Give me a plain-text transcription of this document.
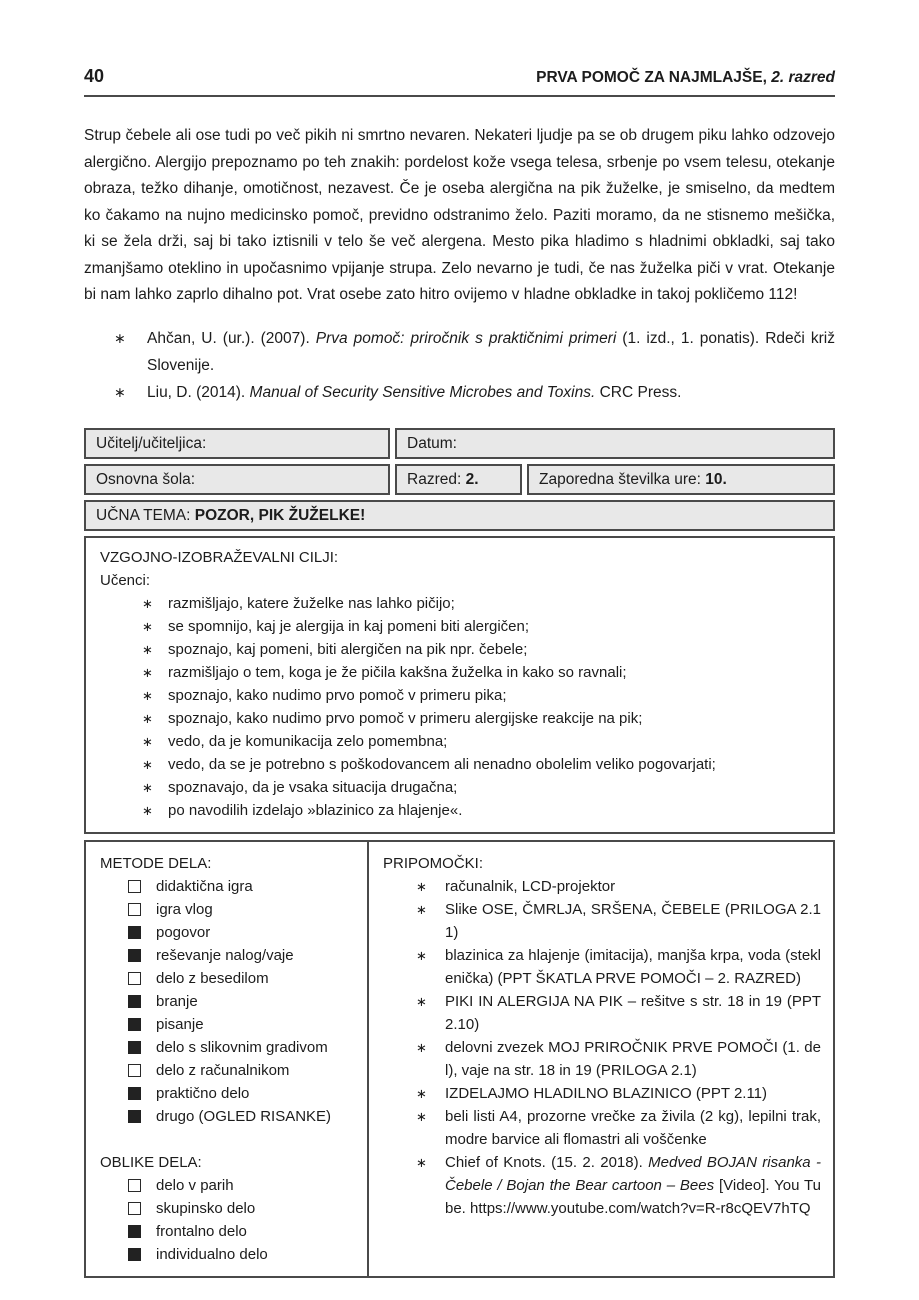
40	PRVA POMOČ ZA NAJMLAJŠE, 2. razred
Strup čebele ali ose tudi po več pikih ni smrtno nevaren. Nekateri ljudje pa se ob drugem piku lahko odzovejo alergično. Alergijo prepoznamo po teh znakih: pordelost kože vsega telesa, srbenje po vsem telesu, otekanje obraza, težko dihanje, omotičnost, nezavest. Če je oseba alergična na pik žuželke, je smiselno, da medtem ko čakamo na nujno medicinsko pomoč, previdno odstranimo želo. Paziti moramo, da ne stisnemo mešička, ki se žela drži, saj bi tako iztisnili v telo še več alergena. Mesto pika hladimo s hladnimi obkladki, saj tako zmanjšamo oteklino in upočasnimo vpijanje strupa. Zelo nevarno je tudi, če nas žuželka piči v vrat. Otekanje bi nam lahko zaprlo dihalno pot. Vrat osebe zato hitro ovijemo v hladne obkladke in takoj pokličemo 112!
∗ Ahčan, U. (ur.). (2007). Prva pomoč: priročnik s praktičnimi primeri (1. izd., 1. ponatis). Rdeči križ Slovenije.
∗ Liu, D. (2014). Manual of Security Sensitive Microbes and Toxins. CRC Press.
Učitelj/učiteljica:	Datum:
Osnovna šola:	Razred: 2.	Zaporedna številka ure: 10.
UČNA TEMA: POZOR, PIK ŽUŽELKE!
VZGOJNO-IZOBRAŽEVALNI CILJI:
Učenci:
∗ razmišljajo, katere žuželke nas lahko pičijo;
∗ se spomnijo, kaj je alergija in kaj pomeni biti alergičen;
∗ spoznajo, kaj pomeni, biti alergičen na pik npr. čebele;
∗ razmišljajo o tem, koga je že pičila kakšna žuželka in kako so ravnali;
∗ spoznajo, kako nudimo prvo pomoč v primeru pika;
∗ spoznajo, kako nudimo prvo pomoč v primeru alergijske reakcije na pik;
∗ vedo, da je komunikacija zelo pomembna;
∗ vedo, da se je potrebno s poškodovancem ali nenadno obolelim veliko pogovarjati;
∗ spoznavajo, da je vsaka situacija drugačna;
∗ po navodilih izdelajo »blazinico za hlajenje«.
METODE DELA:
didaktična igra
igra vlog
pogovor
reševanje nalog/vaje
delo z besedilom
branje
pisanje
delo s slikovnim gradivom
delo z računalnikom
praktično delo
drugo (OGLED RISANKE)
OBLIKE DELA:
delo v parih
skupinsko delo
frontalno delo
individualno delo
PRIPOMOČKI:
∗ računalnik, LCD-projektor
∗ Slike OSE, ČMRLJA, SRŠENA, ČEBELE (PRILOGA 2.11)
∗ blazinica za hlajenje (imitacija), manjša krpa, voda (steklenička) (PPT ŠKATLA PRVE POMOČI – 2. RAZRED)
∗ PIKI IN ALERGIJA NA PIK – rešitve s str. 18 in 19 (PPT 2.10)
∗ delovni zvezek MOJ PRIROČNIK PRVE POMOČI (1. del), vaje na str. 18 in 19 (PRILOGA 2.1)
∗ IZDELAJMO HLADILNO BLAZINICO (PPT 2.11)
∗ beli listi A4, prozorne vrečke za živila (2 kg), lepilni trak, modre barvice ali flomastri ali voščenke
∗ Chief of Knots. (15. 2. 2018). Medved BOJAN risanka - Čebele / Bojan the Bear cartoon – Bees [Video]. You Tube. https://www.youtube.com/watch?v=R-r8cQEV7hTQ
